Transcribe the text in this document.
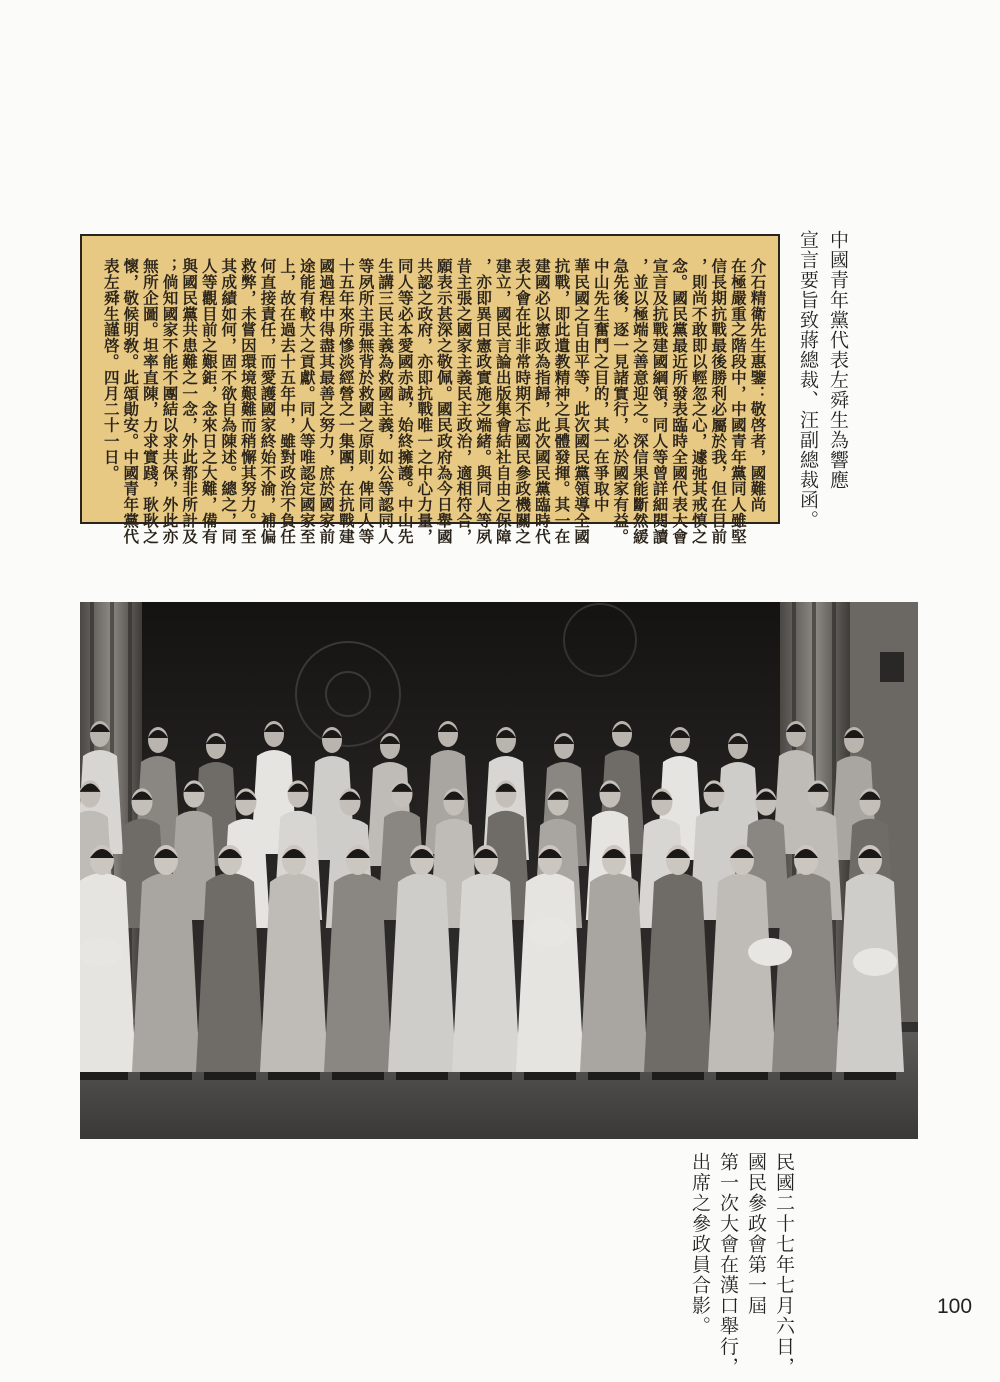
中國青年黨代表左舜生為響應
宣言要旨致蔣總裁、汪副總裁函。
介石精衛先生惠鑒：敬啓者，國難尚
在極嚴重之階段中，中國青年黨同人雖堅
信長期抗戰最後勝利必屬於我，但在目前
，則尚不敢即以輕忽之心，遽弛其戒慎之
念。國民黨最近所發表臨時全國代表大會
宣言及抗戰建國綱領，同人等曾詳細閱讀
，並以極端之善意迎之。深信果能斷然緩
急先後，逐一見諸實行，必於國家有益。
中山先生奮鬥之目的，其一在爭取中
華民國之自由平等，此次國民黨領導全國
抗戰，即此遺教精神之具體發揮。其一在
建國必以憲政為指歸，此次國民黨臨時代
表大會在此非常時期不忘國民參政機關之
建立，國民言論出版集會結社自由之保障
，亦即異日憲政實施之端緒。與同人等夙
昔主張之國家主義民主政治，適相符合，
願表示甚深之敬佩。國民政府為今日舉國
共認之政府，亦即抗戰唯一之中心力量，
同人等必本愛國赤誠，始終擁護。中山先
生講三民主義為救國主義，如公等認同人
等夙所主張無背於救國之原則，俾同人等
十五年來所慘淡經營之一集團，在抗戰建
國過程中得盡其最善之努力，庶於國家前
途能有較大之貢獻。同人等唯認定國家至
上，故在過去十五年中，雖對政治不負任
何直接責任，而愛護國家終始不渝，補偏
救弊，未嘗因環境艱難而稍懈其努力。至
其成績如何，固不欲自為陳述。總之，同
人等觀目前之艱鉅，念來日之大難，備有
與國民黨共患難之一念，外此都非所計及
；倘知國家不能不團結以求共保，外此亦
無所企圖。坦率直陳，力求實踐，耿耿之
懷，敬候明敎。此頌勛安。中國青年黨代
表左舜生謹啓。四月二十一日。
民國二十七年七月六日，
國民參政會第一屆
第一次大會在漢口舉行，
出席之參政員合影。	100
